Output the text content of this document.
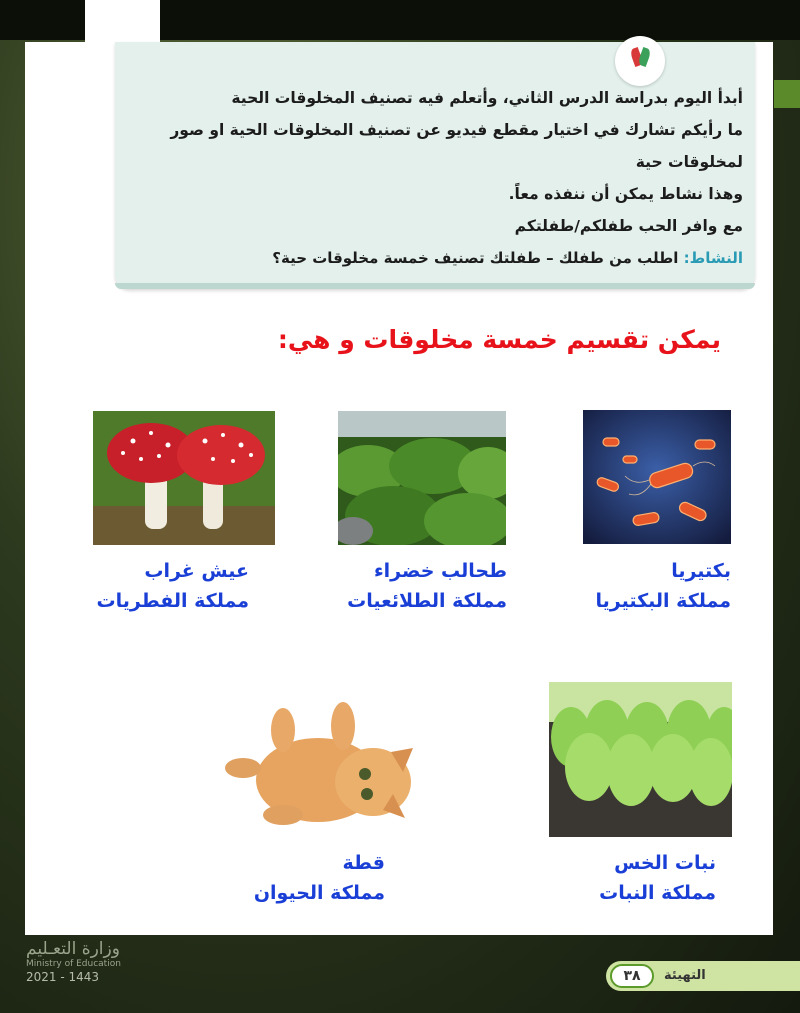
أبدأ اليوم بدراسة الدرس الثاني، وأتعلم فيه تصنيف المخلوقات الحية
ما رأيكم تشارك في اختيار مقطع فيديو عن تصنيف المخلوقات الحية او صور
لمخلوقات حية
وهذا نشاط يمكن أن ننفذه معاً.
مع وافر الحب طفلكم/طفلتكم
النشاط: اطلب من طفلك – طفلتك تصنيف خمسة مخلوقات حية؟
يمكن تقسيم خمسة مخلوقات و هي:
بكتيريا
مملكة البكتيريا
طحالب خضراء
مملكة الطلائعيات
عيش غراب
مملكة الفطريات
نبات الخس
مملكة النبات
قطة
مملكة الحيوان
وزارة التعـليم
Ministry of Education
2021 - 1443	٣٨	التهيئة
